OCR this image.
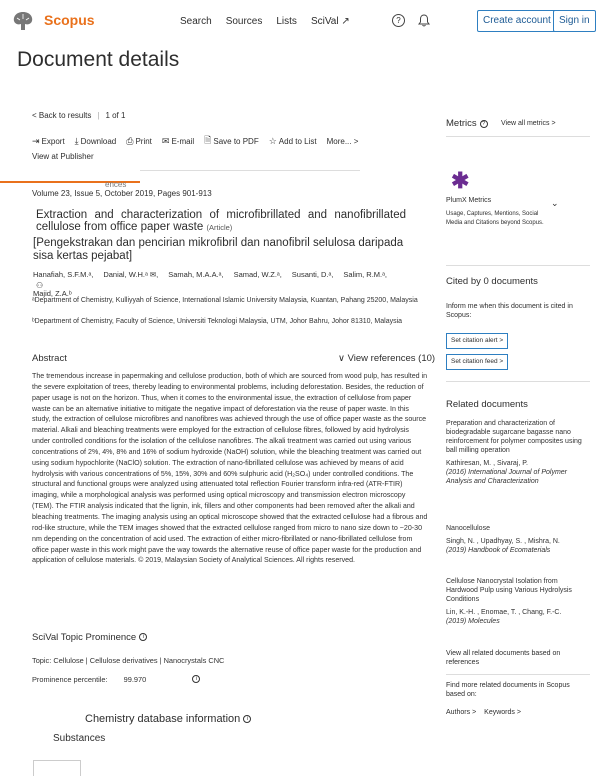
Scopus	Search Sources Lists SciVal ↗	?	Create account Sign in
Document details
< Back to results | 1 of 1
⇥ Export ⤓ Download ⎙ Print ✉ E-mail 🗎 Save to PDF ☆ Add to List More... >
View at Publisher
ences
Volume 23, Issue 5, October 2019, Pages 901-913
Extraction and characterization of microfibrillated and nanofibrillated cellulose from office paper waste (Article)
[Pengekstrakan dan pencirian mikrofibril dan nanofibril selulosa daripada sisa kertas pejabat]
Hanafiah, S.F.M.ᵃ, Danial, W.H.ᵃ ✉, Samah, M.A.A.ᵃ, Samad, W.Z.ᵃ, Susanti, D.ᵃ, Salim, R.M.ᵃ,
Majid, Z.A.ᵇ
⚇
ᵃDepartment of Chemistry, Kulliyyah of Science, International Islamic University Malaysia, Kuantan, Pahang 25200, Malaysia
ᵇDepartment of Chemistry, Faculty of Science, Universiti Teknologi Malaysia, UTM, Johor Bahru, Johor 81310, Malaysia
Abstract	∨ View references (10)
The tremendous increase in papermaking and cellulose production, both of which are sourced from wood pulp, has resulted in the severe exploitation of trees, thereby leading to environmental problems, including deforestation. Besides, the reduction of paper usage is not on the horizon. Thus, when it comes to the environmental issue, the extraction of cellulose from paper waste can be an alternative initiative to mitigate the negative impact of deforestation via the reuse of paper waste. In this study, the extraction of cellulose microfibres and nanofibres was achieved through the use of office paper waste as the source material. Alkali and bleaching treatments were employed for the extraction of cellulose fibres, followed by acid hydrolysis under controlled conditions for the isolation of the cellulose nanofibres. The alkali treatment was carried out using various concentrations of 2%, 4%, 8% and 16% of sodium hydroxide (NaOH) solution, while the bleaching treatment was carried out using sodium hypochlorite (NaClO) solution. The extraction of nano-fibrillated cellulose was achieved by means of acid hydrolysis with various concentrations of 5%, 15%, 30% and 60% sulphuric acid (H₂SO₄) under controlled conditions. The structural and functional groups were analyzed using attenuated total reflection Fourier transform infra-red (ATR-FTIR) imaging, while a morphological analysis was performed using optical microscopy and transmission electron microscopy (TEM). The FTIR analysis indicated that the lignin, ink, fillers and other components had been removed after the alkali and bleaching treatments. The imaging analysis using an optical microscope showed that the extracted cellulose had a fibrous and rod-like structure, while the TEM images showed that the extracted cellulose ranged from micro to nano size down to ~20-30 nm depending on the concentration of acid used. The extraction of either micro-fibrillated or nano-fibrillated cellulose from office paper waste in this work might pave the way towards the alternative reuse of office paper waste for the production and application of cellulose materials. © 2019, Malaysian Society of Analytical Sciences. All rights reserved.
SciVal Topic Prominence i
Topic: Cellulose | Cellulose derivatives | Nanocrystals CNC
Prominence percentile: 99.970	i
Chemistry database information i
Substances
Metrics ?	View all metrics >
✱
PlumX Metrics	⌄
Usage, Captures, Mentions, Social Media and Citations beyond Scopus.
Cited by 0 documents
Inform me when this document is cited in Scopus:
Set citation alert >
Set citation feed >
Related documents
Preparation and characterization of biodegradable sugarcane bagasse nano reinforcement for polymer composites using ball milling operation
Kathiresan, M. , Sivaraj, P.
(2016) International Journal of Polymer Analysis and Characterization
Nanocellulose
Singh, N. , Upadhyay, S. , Mishra, N.
(2019) Handbook of Ecomaterials
Cellulose Nanocrystal Isolation from Hardwood Pulp using Various Hydrolysis Conditions
Lin, K.-H. , Enomae, T. , Chang, F.-C.
(2019) Molecules
View all related documents based on references
Find more related documents in Scopus based on:
Authors > Keywords >
